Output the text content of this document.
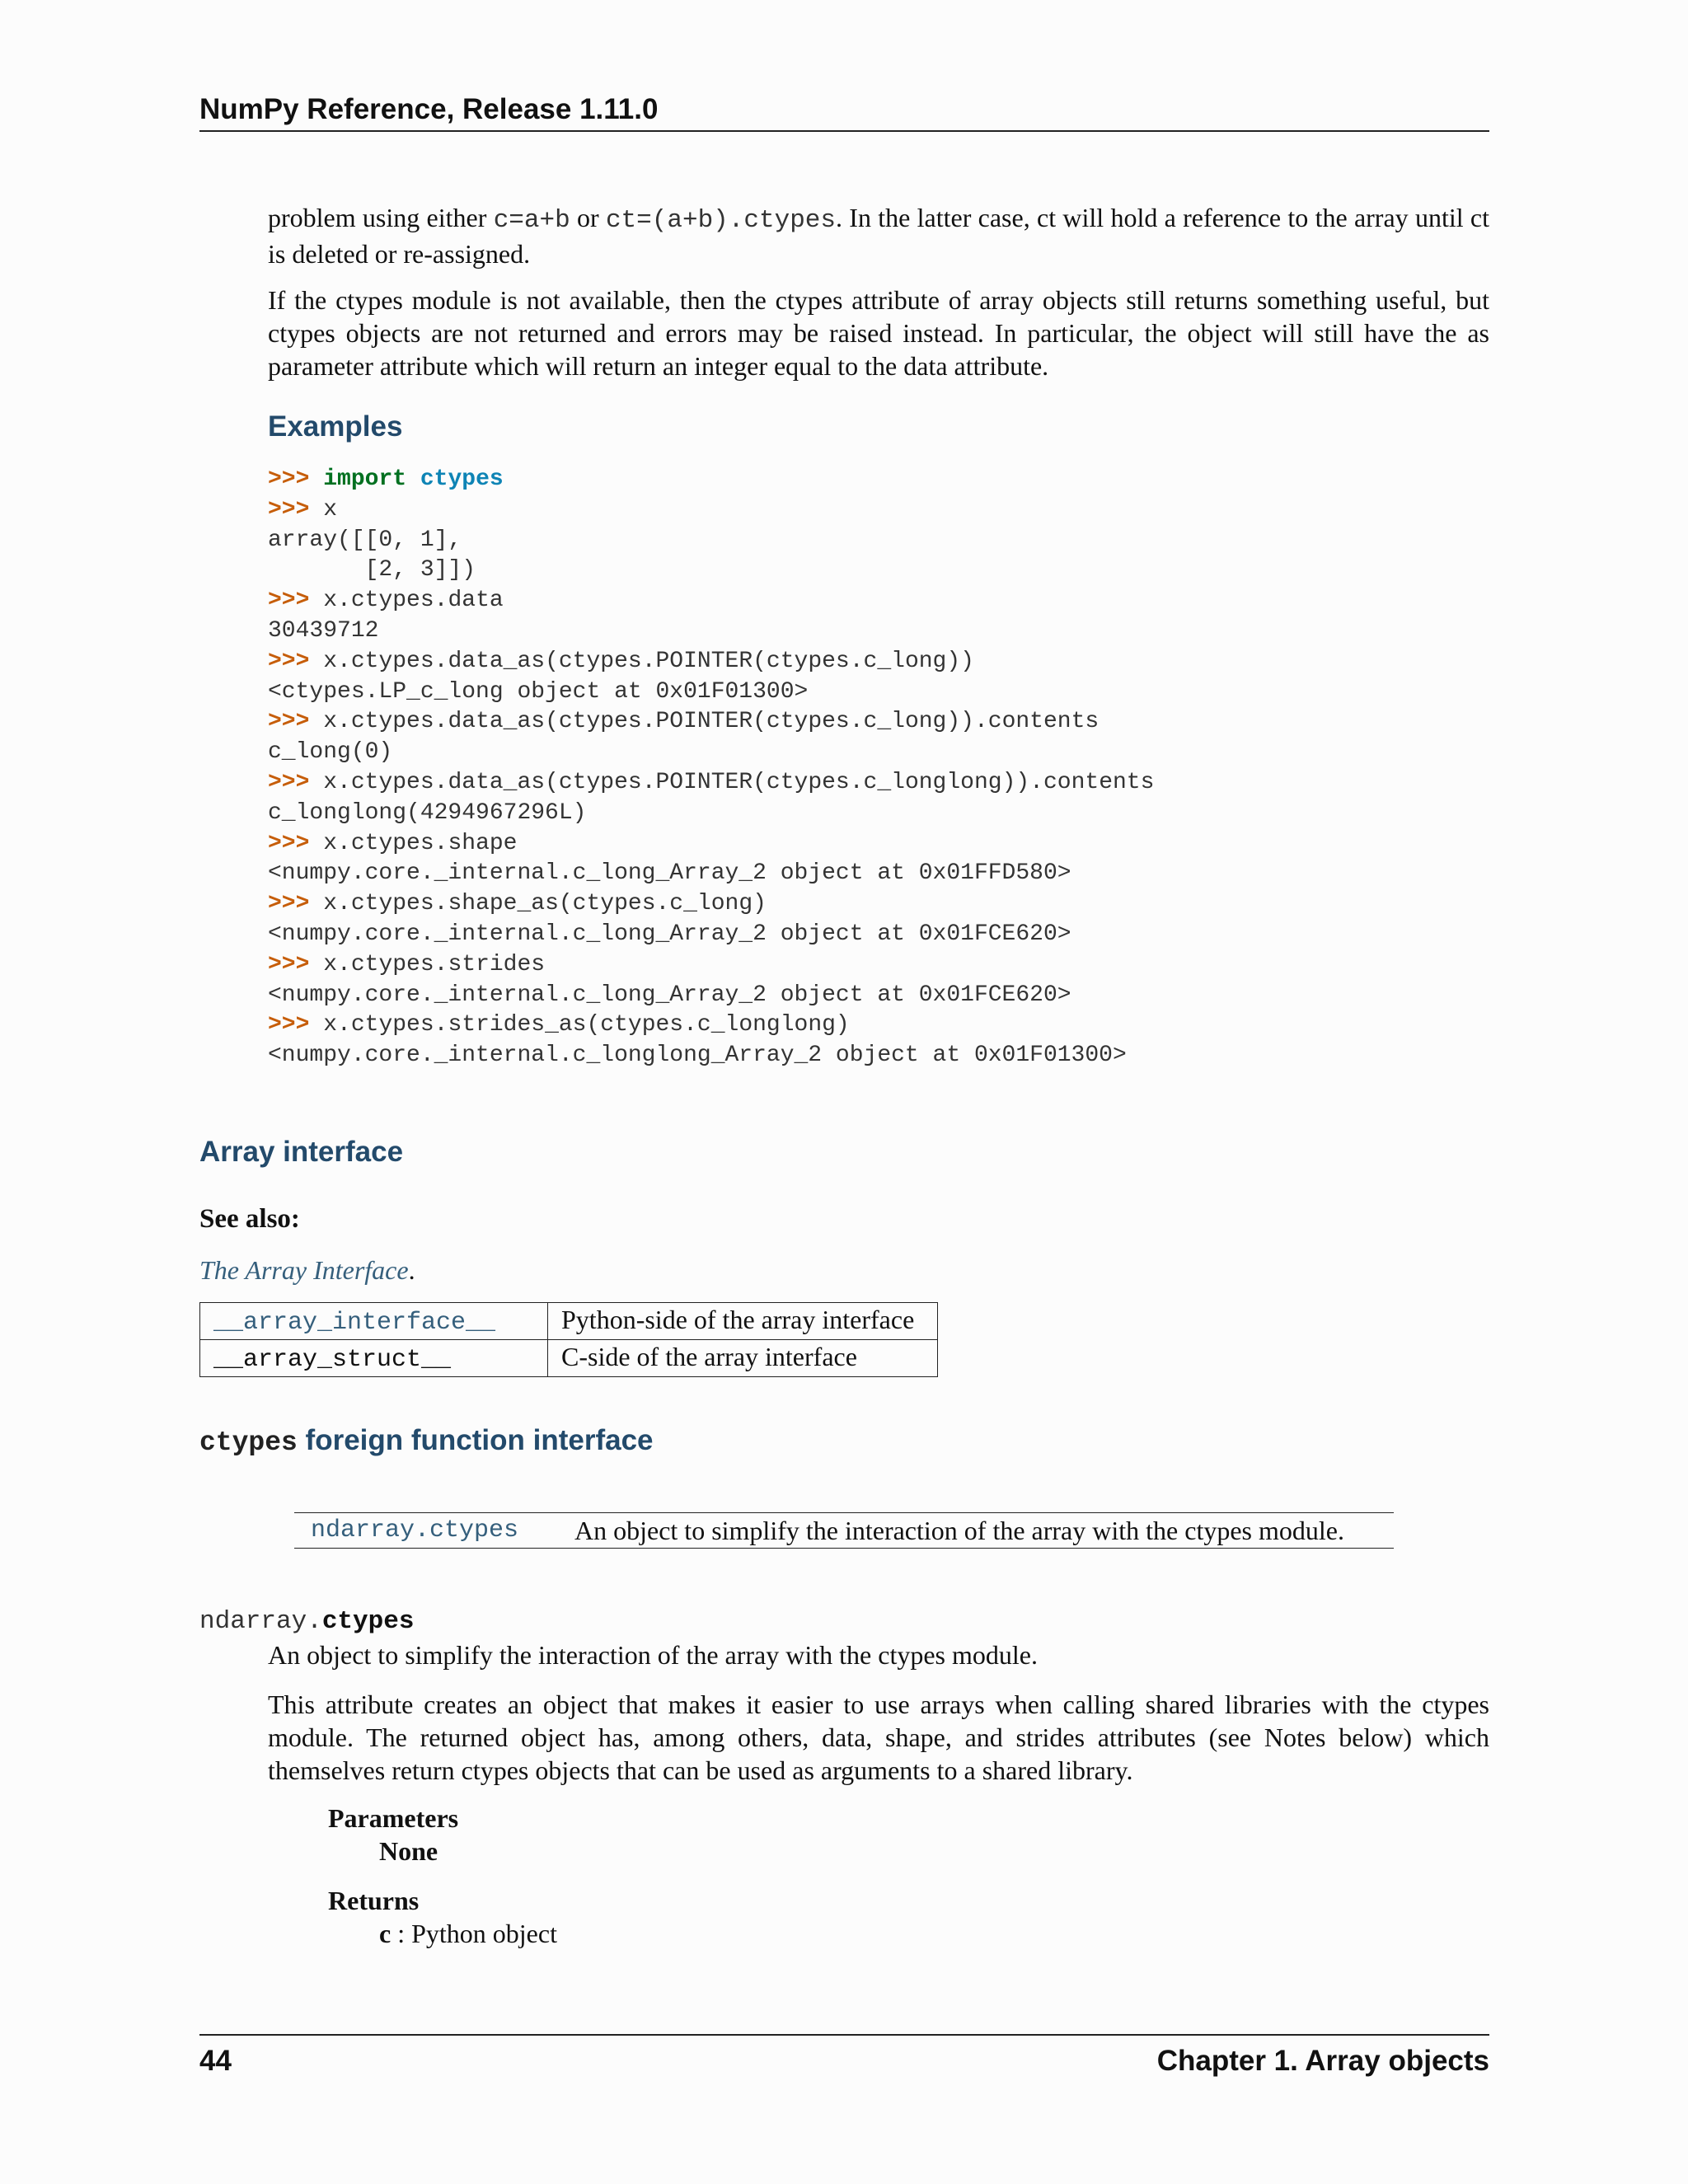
NumPy Reference, Release 1.11.0
problem using either c=a+b or ct=(a+b).ctypes. In the latter case, ct will hold a reference to the array until ct is deleted or re-assigned.
If the ctypes module is not available, then the ctypes attribute of array objects still returns something useful, but ctypes objects are not returned and errors may be raised instead. In particular, the object will still have the as parameter attribute which will return an integer equal to the data attribute.
Examples
>>> import ctypes
>>> x
array([[0, 1],
[2, 3]])
>>> x.ctypes.data
30439712
>>> x.ctypes.data_as(ctypes.POINTER(ctypes.c_long))
<ctypes.LP_c_long object at 0x01F01300>
>>> x.ctypes.data_as(ctypes.POINTER(ctypes.c_long)).contents
c_long(0)
>>> x.ctypes.data_as(ctypes.POINTER(ctypes.c_longlong)).contents
c_longlong(4294967296L)
>>> x.ctypes.shape
<numpy.core._internal.c_long_Array_2 object at 0x01FFD580>
>>> x.ctypes.shape_as(ctypes.c_long)
<numpy.core._internal.c_long_Array_2 object at 0x01FCE620>
>>> x.ctypes.strides
<numpy.core._internal.c_long_Array_2 object at 0x01FCE620>
>>> x.ctypes.strides_as(ctypes.c_longlong)
<numpy.core._internal.c_longlong_Array_2 object at 0x01F01300>
Array interface
See also:
The Array Interface.
__array_interface__	Python-side of the array interface
__array_struct__	C-side of the array interface
ctypes foreign function interface
ndarray.ctypes An object to simplify the interaction of the array with the ctypes module.
ndarray.ctypes
An object to simplify the interaction of the array with the ctypes module.
This attribute creates an object that makes it easier to use arrays when calling shared libraries with the ctypes module. The returned object has, among others, data, shape, and strides attributes (see Notes below) which themselves return ctypes objects that can be used as arguments to a shared library.
Parameters
None
Returns
c : Python object
44	Chapter 1. Array objects
